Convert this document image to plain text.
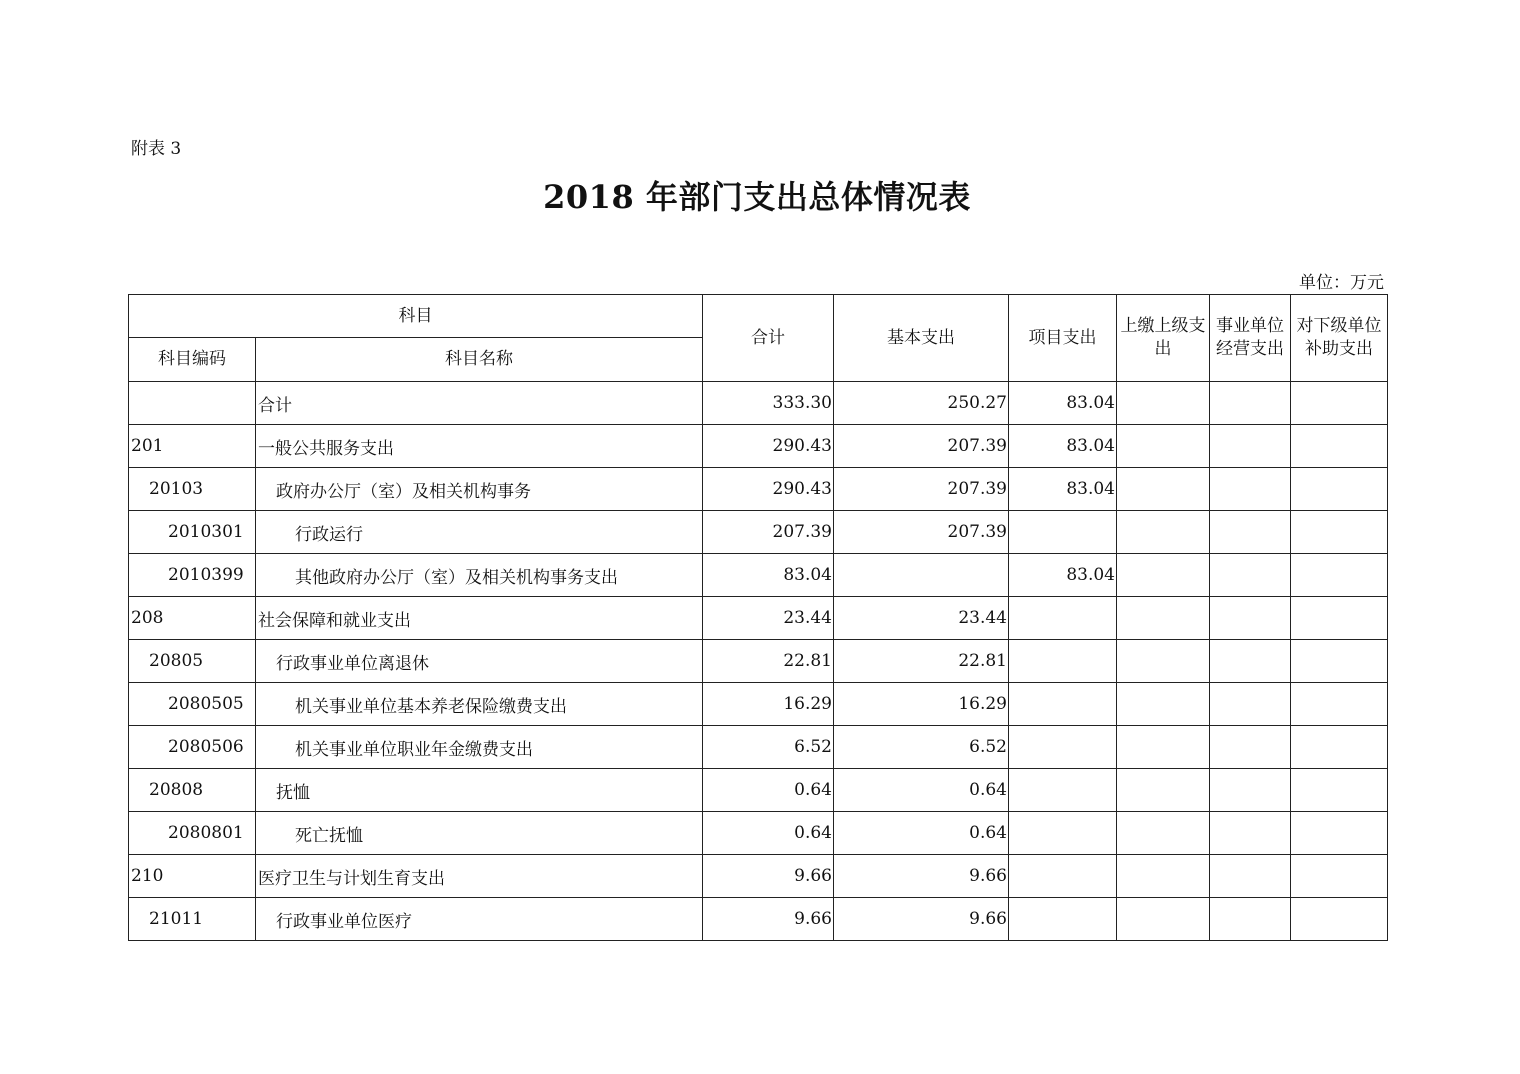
附表 3
2018 年部门支出总体情况表
单位：万元
科目		合计	基本支出	项目支出	上缴上级支出	事业单位经营支出	对下级单位补助支出
科目编码	科目名称						
	合计	333.30	250.27	83.04			
201	一般公共服务支出	290.43	207.39	83.04			
20103	政府办公厅（室）及相关机构事务	290.43	207.39	83.04			
2010301	行政运行	207.39	207.39				
2010399	其他政府办公厅（室）及相关机构事务支出	83.04		83.04			
208	社会保障和就业支出	23.44	23.44				
20805	行政事业单位离退休	22.81	22.81				
2080505	机关事业单位基本养老保险缴费支出	16.29	16.29				
2080506	机关事业单位职业年金缴费支出	6.52	6.52				
20808	抚恤	0.64	0.64				
2080801	死亡抚恤	0.64	0.64				
210	医疗卫生与计划生育支出	9.66	9.66				
21011	行政事业单位医疗	9.66	9.66				
